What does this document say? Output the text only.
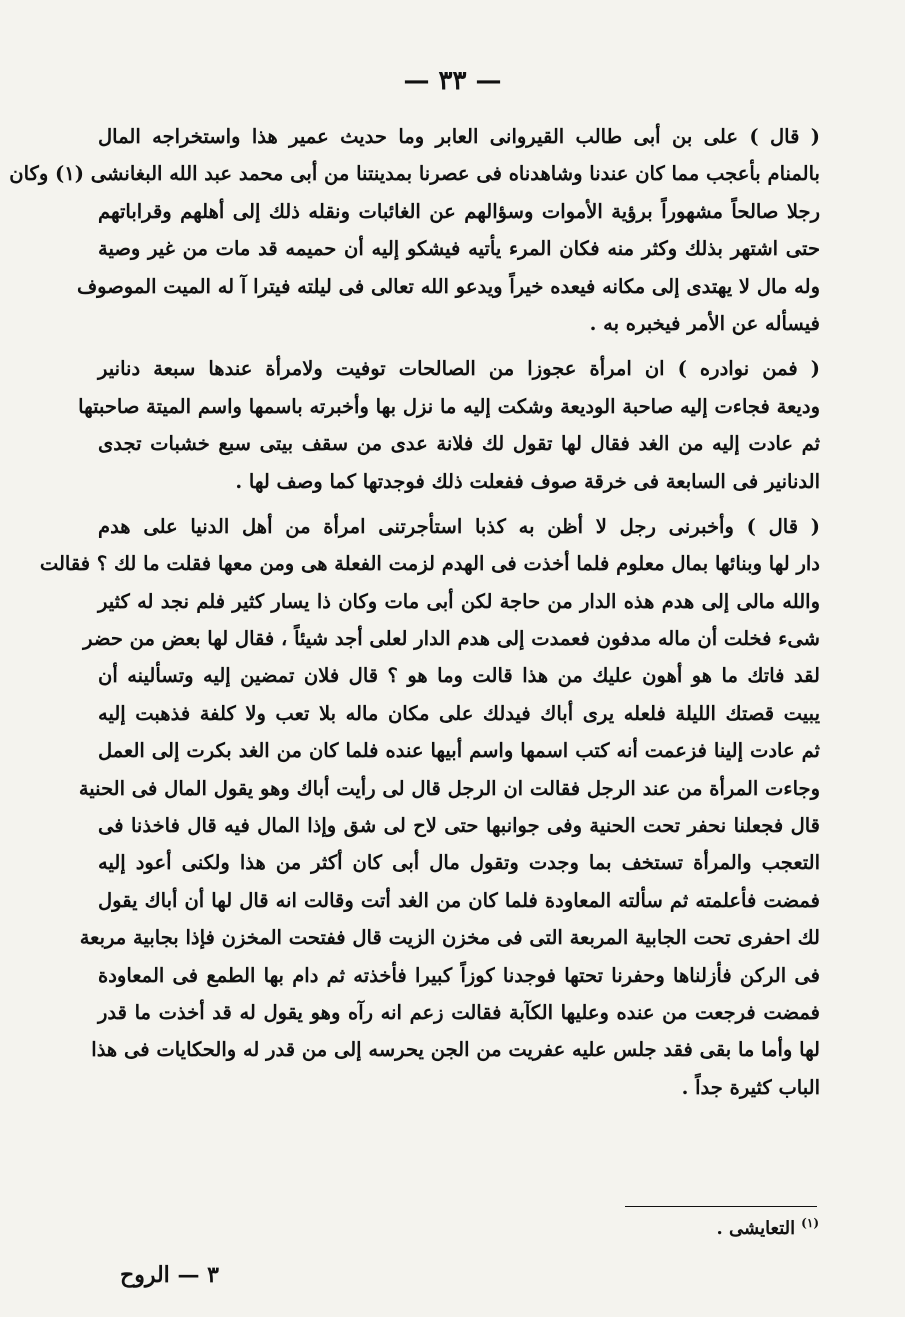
— ٣٣ —
( قال ) على بن أبى طالب القيروانى العابر وما حديث عمير هذا واستخراجه المال
بالمنام بأعجب مما كان عندنا وشاهدناه فى عصرنا بمدينتنا من أبى محمد عبد الله البغانشى (١) وكان
رجلا صالحاً مشهوراً برؤية الأموات وسؤالهم عن الغائبات ونقله ذلك إلى أهلهم وقراباتهم
حتى اشتهر بذلك وكثر منه فكان المرء يأتيه فيشكو إليه أن حميمه قد مات من غير وصية
وله مال لا يهتدى إلى مكانه فيعده خيراً ويدعو الله تعالى فى ليلته فيترا آ له الميت الموصوف
فيسأله عن الأمر فيخبره به .
( فمن نوادره ) ان امرأة عجوزا من الصالحات توفيت ولامرأة عندها سبعة دنانير
وديعة فجاءت إليه صاحبة الوديعة وشكت إليه ما نزل بها وأخبرته باسمها واسم الميتة صاحبتها
ثم عادت إليه من الغد فقال لها تقول لك فلانة عدى من سقف بيتى سبع خشبات تجدى
الدنانير فى السابعة فى خرقة صوف ففعلت ذلك فوجدتها كما وصف لها .
( قال ) وأخبرنى رجل لا أظن به كذبا استأجرتنى امرأة من أهل الدنيا على هدم
دار لها وبنائها بمال معلوم فلما أخذت فى الهدم لزمت الفعلة هى ومن معها فقلت ما لك ؟ فقالت
والله مالى إلى هدم هذه الدار من حاجة لكن أبى مات وكان ذا يسار كثير فلم نجد له كثير
شىء فخلت أن ماله مدفون فعمدت إلى هدم الدار لعلى أجد شيئاً ، فقال لها بعض من حضر
لقد فاتك ما هو أهون عليك من هذا قالت وما هو ؟ قال فلان تمضين إليه وتسألينه أن
يبيت قصتك الليلة فلعله يرى أباك فيدلك على مكان ماله بلا تعب ولا كلفة فذهبت إليه
ثم عادت إلينا فزعمت أنه كتب اسمها واسم أبيها عنده فلما كان من الغد بكرت إلى العمل
وجاءت المرأة من عند الرجل فقالت ان الرجل قال لى رأيت أباك وهو يقول المال فى الحنية
قال فجعلنا نحفر تحت الحنية وفى جوانبها حتى لاح لى شق وإذا المال فيه قال فاخذنا فى
التعجب والمرأة تستخف بما وجدت وتقول مال أبى كان أكثر من هذا ولكنى أعود إليه
فمضت فأعلمته ثم سألته المعاودة فلما كان من الغد أتت وقالت انه قال لها أن أباك يقول
لك احفرى تحت الجابية المربعة التى فى مخزن الزيت قال ففتحت المخزن فإذا بجابية مربعة
فى الركن فأزلناها وحفرنا تحتها فوجدنا كوزاً كبيرا فأخذته ثم دام بها الطمع فى المعاودة
فمضت فرجعت من عنده وعليها الكآبة فقالت زعم انه رآه وهو يقول له قد أخذت ما قدر
لها وأما ما بقى فقد جلس عليه عفريت من الجن يحرسه إلى من قدر له والحكايات فى هذا
الباب كثيرة جداً .
$^{(١)}$التعايشى .
٣ — الروح
